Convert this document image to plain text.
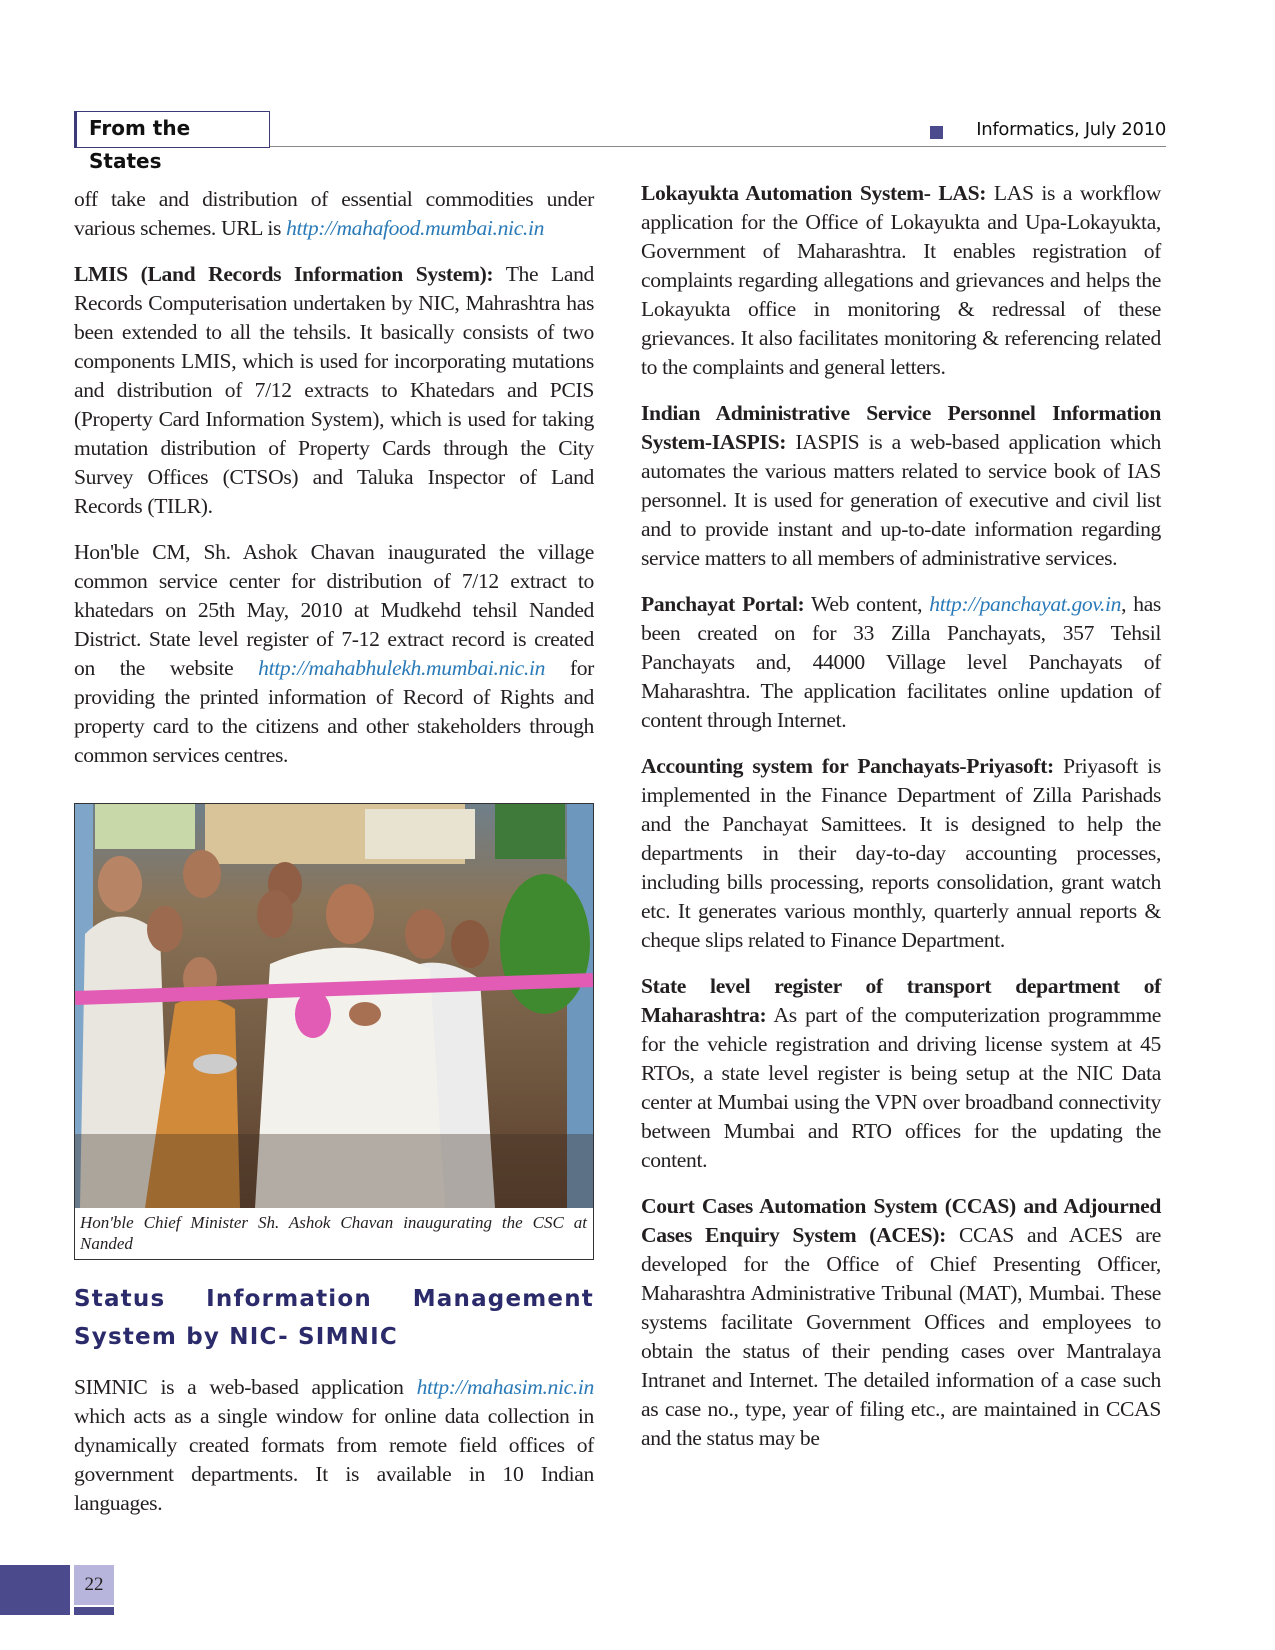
From the States
Informatics, July 2010

off take and distribution of essential commodities under various schemes. URL is http://mahafood.mumbai.nic.in

LMIS (Land Records Information System): The Land Records Computerisation undertaken by NIC, Mahrashtra has been extended to all the tehsils. It basically consists of two components LMIS, which is used for incorporating mutations and distribution of 7/12 extracts to Khatedars and PCIS (Property Card Information System), which is used for taking mutation distribution of Property Cards through the City Survey Offices (CTSOs) and Taluka Inspector of Land Records (TILR).

Hon'ble CM, Sh. Ashok Chavan inaugurated the village common service center for distribution of 7/12 extract to khatedars on 25th May, 2010 at Mudkehd tehsil Nanded District. State level register of 7-12 extract record is created on the website http://mahabhulekh.mumbai.nic.in for providing the printed information of Record of Rights and property card to the citizens and other stakeholders through common services centres.

Hon'ble Chief Minister Sh. Ashok Chavan inaugurating the CSC at Nanded
Status Information Management System by NIC- SIMNIC

SIMNIC is a web-based application http://mahasim.nic.in which acts as a single window for online data collection in dynamically created formats from remote field offices of government departments. It is available in 10 Indian languages.

Lokayukta Automation System- LAS: LAS is a workflow application for the Office of Lokayukta and Upa-Lokayukta, Government of Maharashtra. It enables registration of complaints regarding allegations and grievances and helps the Lokayukta office in monitoring & redressal of these grievances. It also facilitates monitoring & referencing related to the complaints and general letters.

Indian Administrative Service Personnel Information System-IASPIS: IASPIS is a web-based application which automates the various matters related to service book of IAS personnel. It is used for generation of executive and civil list and to provide instant and up-to-date information regarding service matters to all members of administrative services.

Panchayat Portal: Web content, http://panchayat.gov.in, has been created on for 33 Zilla Panchayats, 357 Tehsil Panchayats and, 44000 Village level Panchayats of Maharashtra. The application facilitates online updation of content through Internet.

Accounting system for Panchayats-Priyasoft: Priyasoft is implemented in the Finance Department of Zilla Parishads and the Panchayat Samittees. It is designed to help the departments in their day-to-day accounting processes, including bills processing, reports consolidation, grant watch etc. It generates various monthly, quarterly annual reports & cheque slips related to Finance Department.

State level register of transport department of Maharashtra: As part of the computerization programmme for the vehicle registration and driving license system at 45 RTOs, a state level register is being setup at the NIC Data center at Mumbai using the VPN over broadband connectivity between Mumbai and RTO offices for the updating the content.

Court Cases Automation System (CCAS) and Adjourned Cases Enquiry System (ACES): CCAS and ACES are developed for the Office of Chief Presenting Officer, Maharashtra Administrative Tribunal (MAT), Mumbai. These systems facilitate Government Offices and employees to obtain the status of their pending cases over Mantralaya Intranet and Internet. The detailed information of a case such as case no., type, year of filing etc., are maintained in CCAS and the status may be

22
